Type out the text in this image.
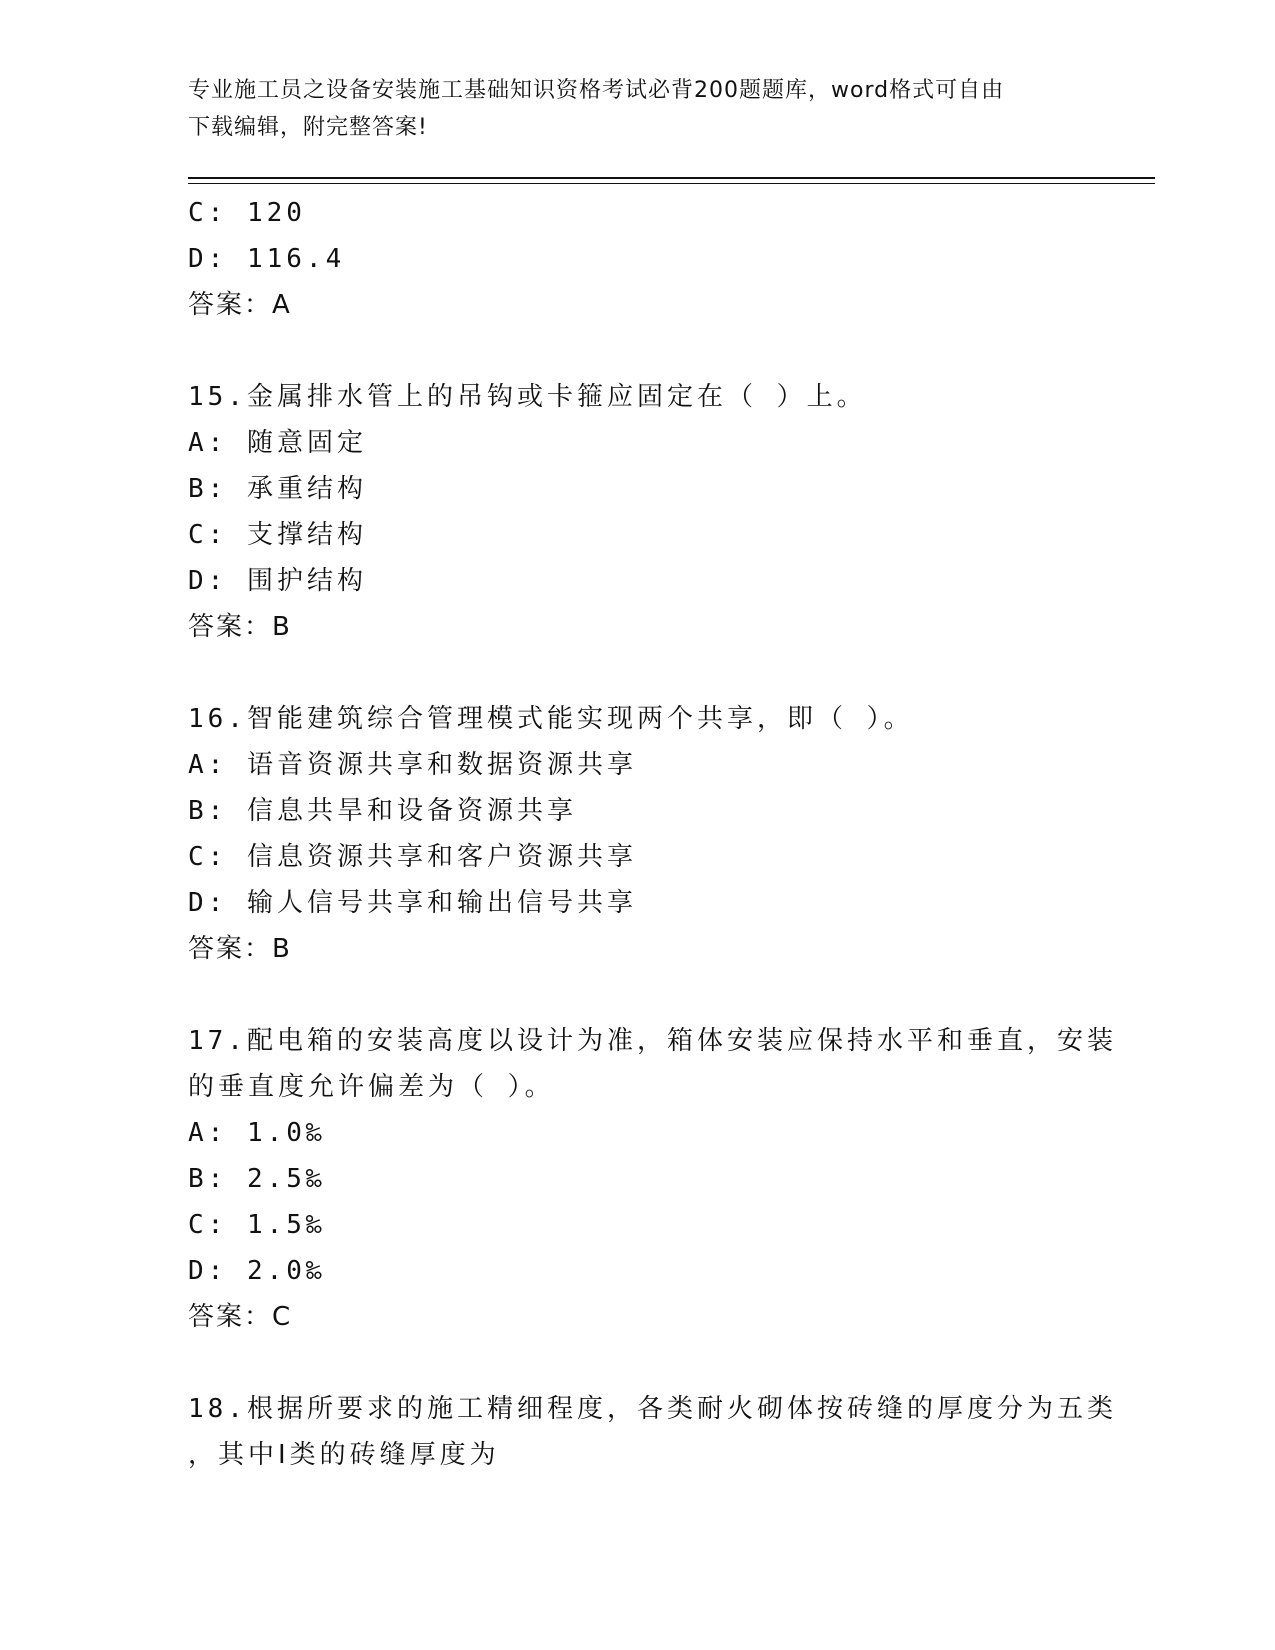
专业施工员之设备安装施工基础知识资格考试必背200题题库，word格式可自由
下载编辑，附完整答案!
C: 120
D: 116.4
答案：A
15.金属排水管上的吊钩或卡箍应固定在（ ）上。
A: 随意固定
B: 承重结构
C: 支撑结构
D: 围护结构
答案：B
16.智能建筑综合管理模式能实现两个共享，即（ ）。
A: 语音资源共享和数据资源共享
B: 信息共旱和设备资源共享
C: 信息资源共享和客户资源共享
D: 输人信号共享和输出信号共享
答案：B
17.配电箱的安装高度以设计为准，箱体安装应保持水平和垂直，安装
的垂直度允许偏差为（ ）。
A: 1.0‰
B: 2.5‰
C: 1.5‰
D: 2.0‰
答案：C
18.根据所要求的施工精细程度，各类耐火砌体按砖缝的厚度分为五类
，其中Ⅰ类的砖缝厚度为
